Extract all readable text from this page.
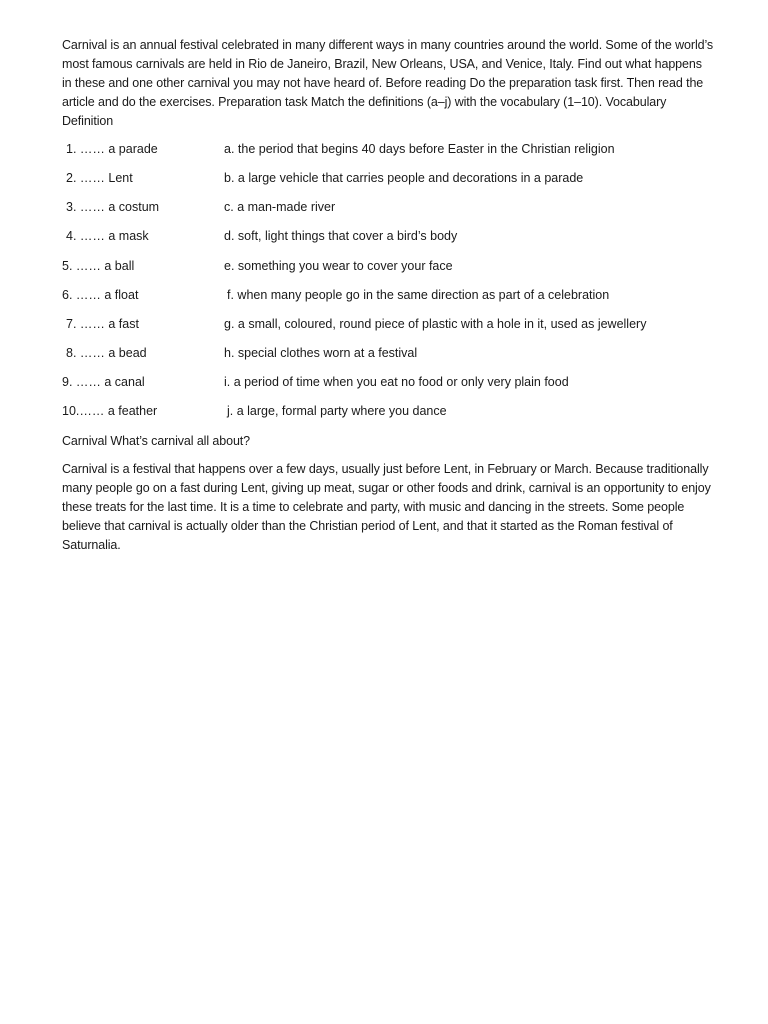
Carnival is an annual festival celebrated in many different ways in many countries around the world. Some of the world’s most famous carnivals are held in Rio de Janeiro, Brazil, New Orleans, USA, and Venice, Italy. Find out what happens in these and one other carnival you may not have heard of. Before reading Do the preparation task first. Then read the article and do the exercises. Preparation task Match the definitions (a–j) with the vocabulary (1–10). Vocabulary Definition

1. …… a parade	a. the period that begins 40 days before Easter in the Christian religion
2. …… Lent	b. a large vehicle that carries people and decorations in a parade
3. …… a costum	c. a man-made river
4. …… a mask	d. soft, light things that cover a bird’s body
5. …… a ball	e. something you wear to cover your face
6. …… a float	f. when many people go in the same direction as part of a celebration
7. …… a fast	g. a small, coloured, round piece of plastic with a hole in it, used as jewellery
8. …… a bead	h. special clothes worn at a festival
9. …… a canal	i. a period of time when you eat no food or only very plain food
10.…… a feather	j. a large, formal party where you dance

Carnival What’s carnival all about?

Carnival is a festival that happens over a few days, usually just before Lent, in February or March. Because traditionally many people go on a fast during Lent, giving up meat, sugar or other foods and drink, carnival is an opportunity to enjoy these treats for the last time. It is a time to celebrate and party, with music and dancing in the streets. Some people believe that carnival is actually older than the Christian period of Lent, and that it started as the Roman festival of Saturnalia.
